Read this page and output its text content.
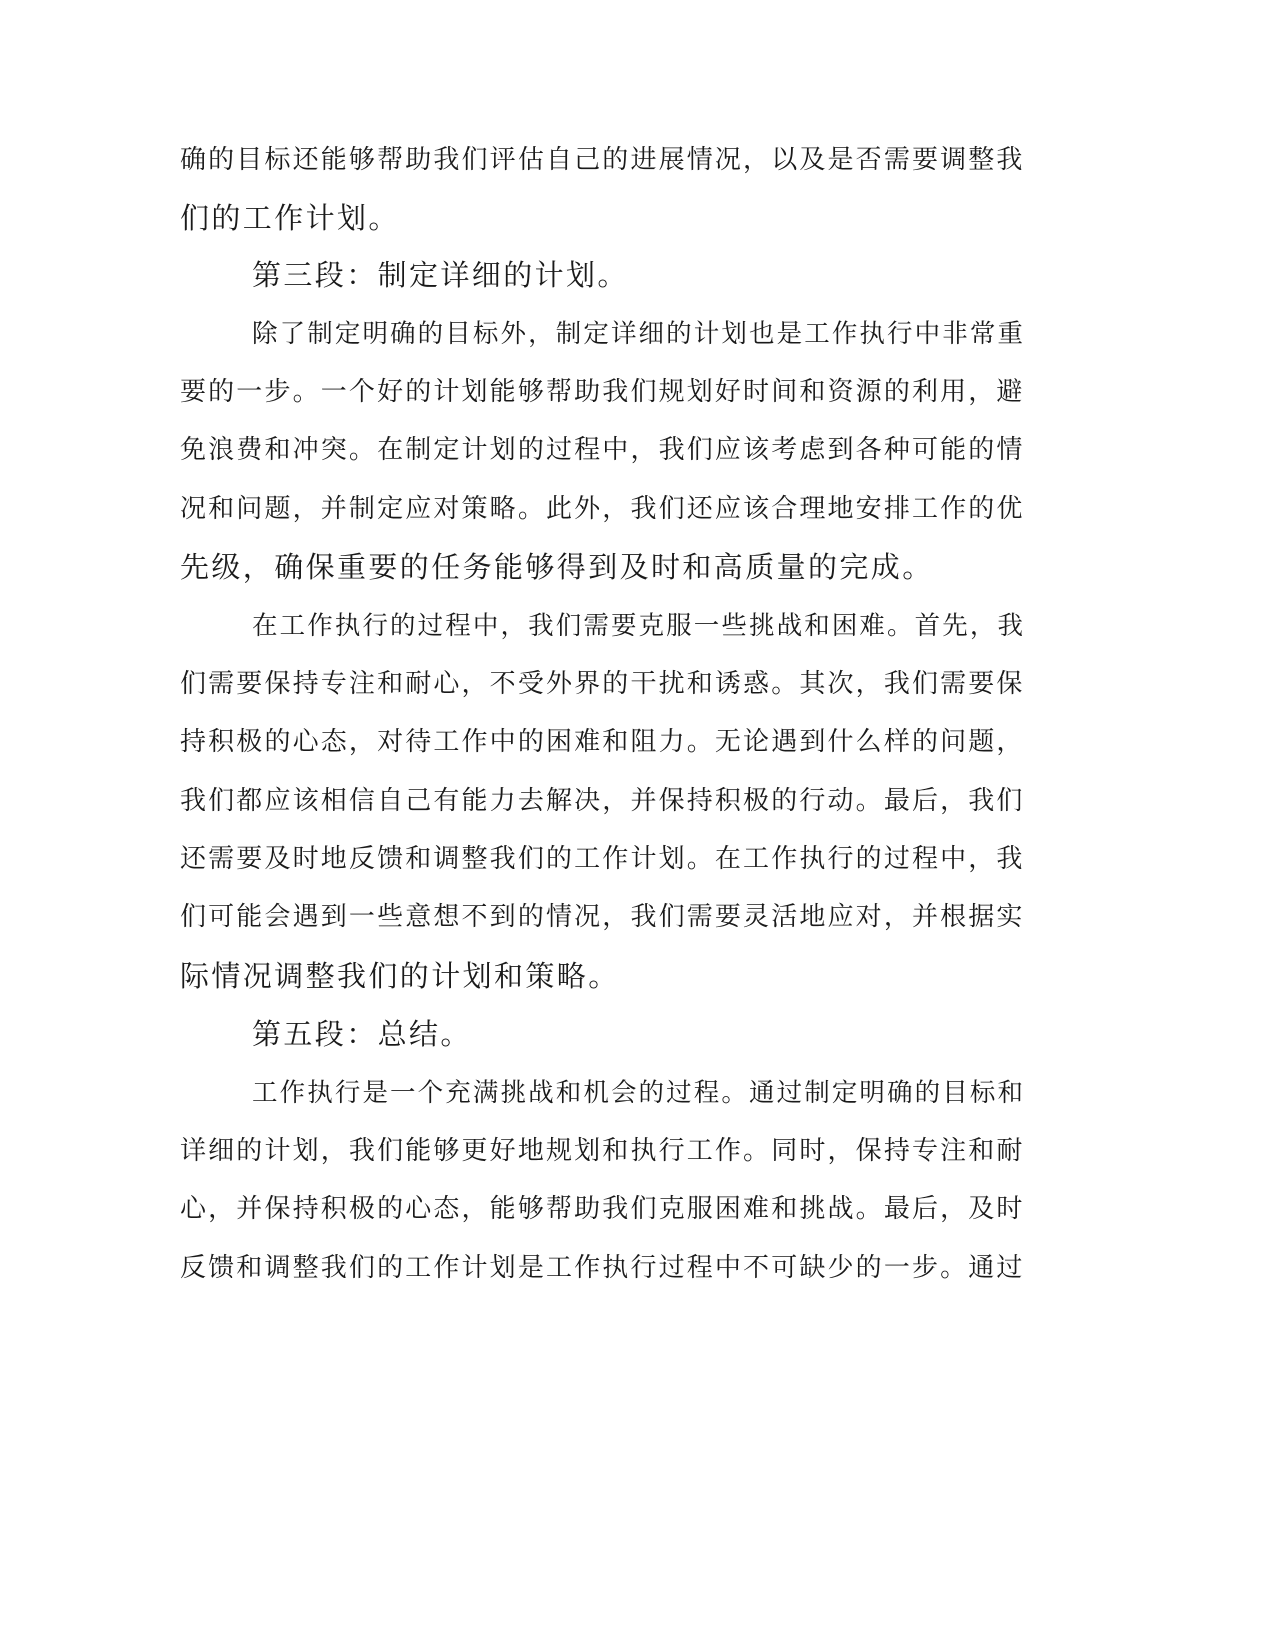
确的目标还能够帮助我们评估自己的进展情况，以及是否需要调整我

们的工作计划。

第三段：制定详细的计划。

除了制定明确的目标外，制定详细的计划也是工作执行中非常重

要的一步。一个好的计划能够帮助我们规划好时间和资源的利用，避

免浪费和冲突。在制定计划的过程中，我们应该考虑到各种可能的情

况和问题，并制定应对策略。此外，我们还应该合理地安排工作的优

先级，确保重要的任务能够得到及时和高质量的完成。

在工作执行的过程中，我们需要克服一些挑战和困难。首先，我

们需要保持专注和耐心，不受外界的干扰和诱惑。其次，我们需要保

持积极的心态，对待工作中的困难和阻力。无论遇到什么样的问题，

我们都应该相信自己有能力去解决，并保持积极的行动。最后，我们

还需要及时地反馈和调整我们的工作计划。在工作执行的过程中，我

们可能会遇到一些意想不到的情况，我们需要灵活地应对，并根据实

际情况调整我们的计划和策略。

第五段：总结。

工作执行是一个充满挑战和机会的过程。通过制定明确的目标和

详细的计划，我们能够更好地规划和执行工作。同时，保持专注和耐

心，并保持积极的心态，能够帮助我们克服困难和挑战。最后，及时

反馈和调整我们的工作计划是工作执行过程中不可缺少的一步。通过
